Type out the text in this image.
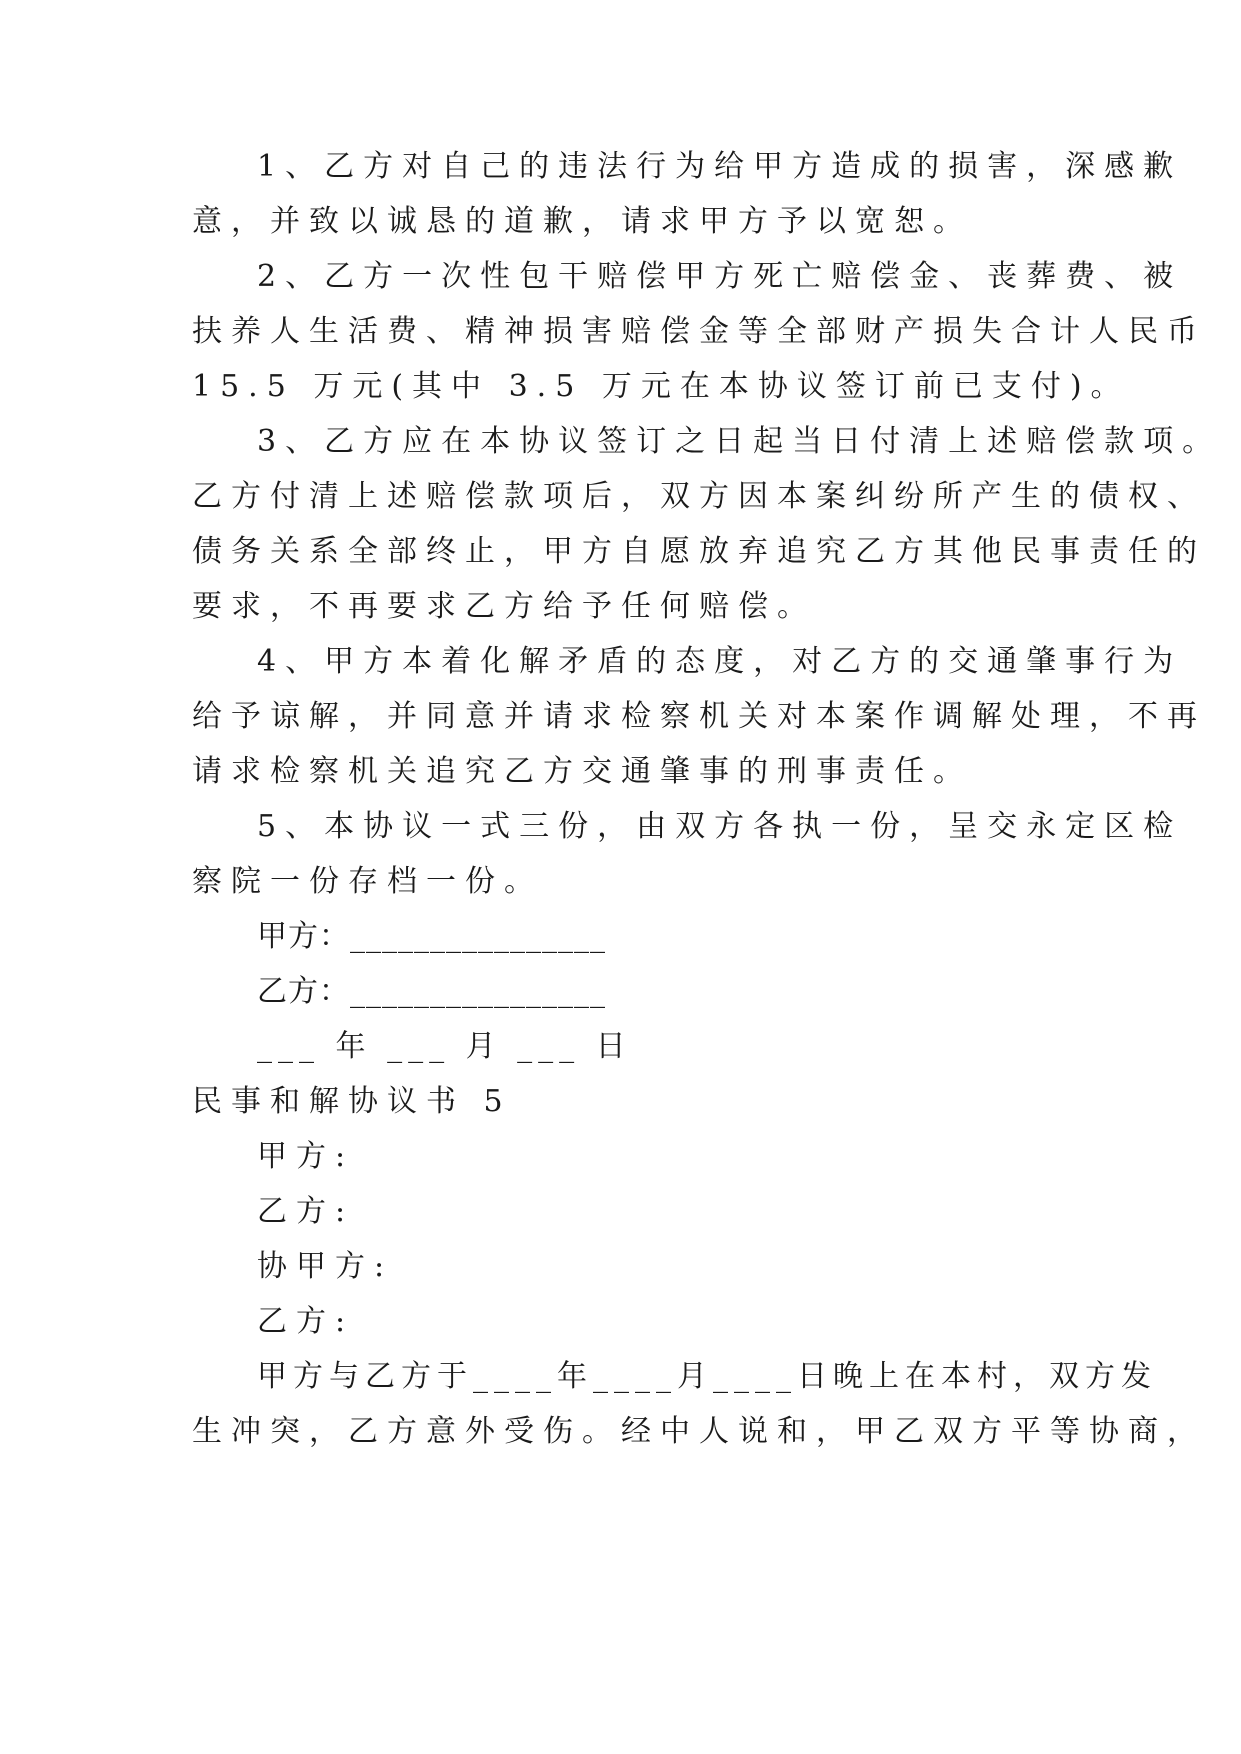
1、乙方对自己的违法行为给甲方造成的损害，深感歉
意，并致以诚恳的道歉，请求甲方予以宽恕。
2、乙方一次性包干赔偿甲方死亡赔偿金、丧葬费、被
扶养人生活费、精神损害赔偿金等全部财产损失合计人民币
15.5 万元(其中 3.5 万元在本协议签订前已支付)。
3、乙方应在本协议签订之日起当日付清上述赔偿款项。
乙方付清上述赔偿款项后，双方因本案纠纷所产生的债权、
债务关系全部终止，甲方自愿放弃追究乙方其他民事责任的
要求，不再要求乙方给予任何赔偿。
4、甲方本着化解矛盾的态度，对乙方的交通肇事行为
给予谅解，并同意并请求检察机关对本案作调解处理，不再
请求检察机关追究乙方交通肇事的刑事责任。
5、本协议一式三份，由双方各执一份，呈交永定区检
察院一份存档一份。
甲方：________________
乙方：________________
___ 年 ___ 月 ___ 日
民事和解协议书 5
甲方:
乙方:
协甲方:
乙方:
甲方与乙方于____年____月____日晚上在本村，双方发
生冲突，乙方意外受伤。经中人说和，甲乙双方平等协商，
